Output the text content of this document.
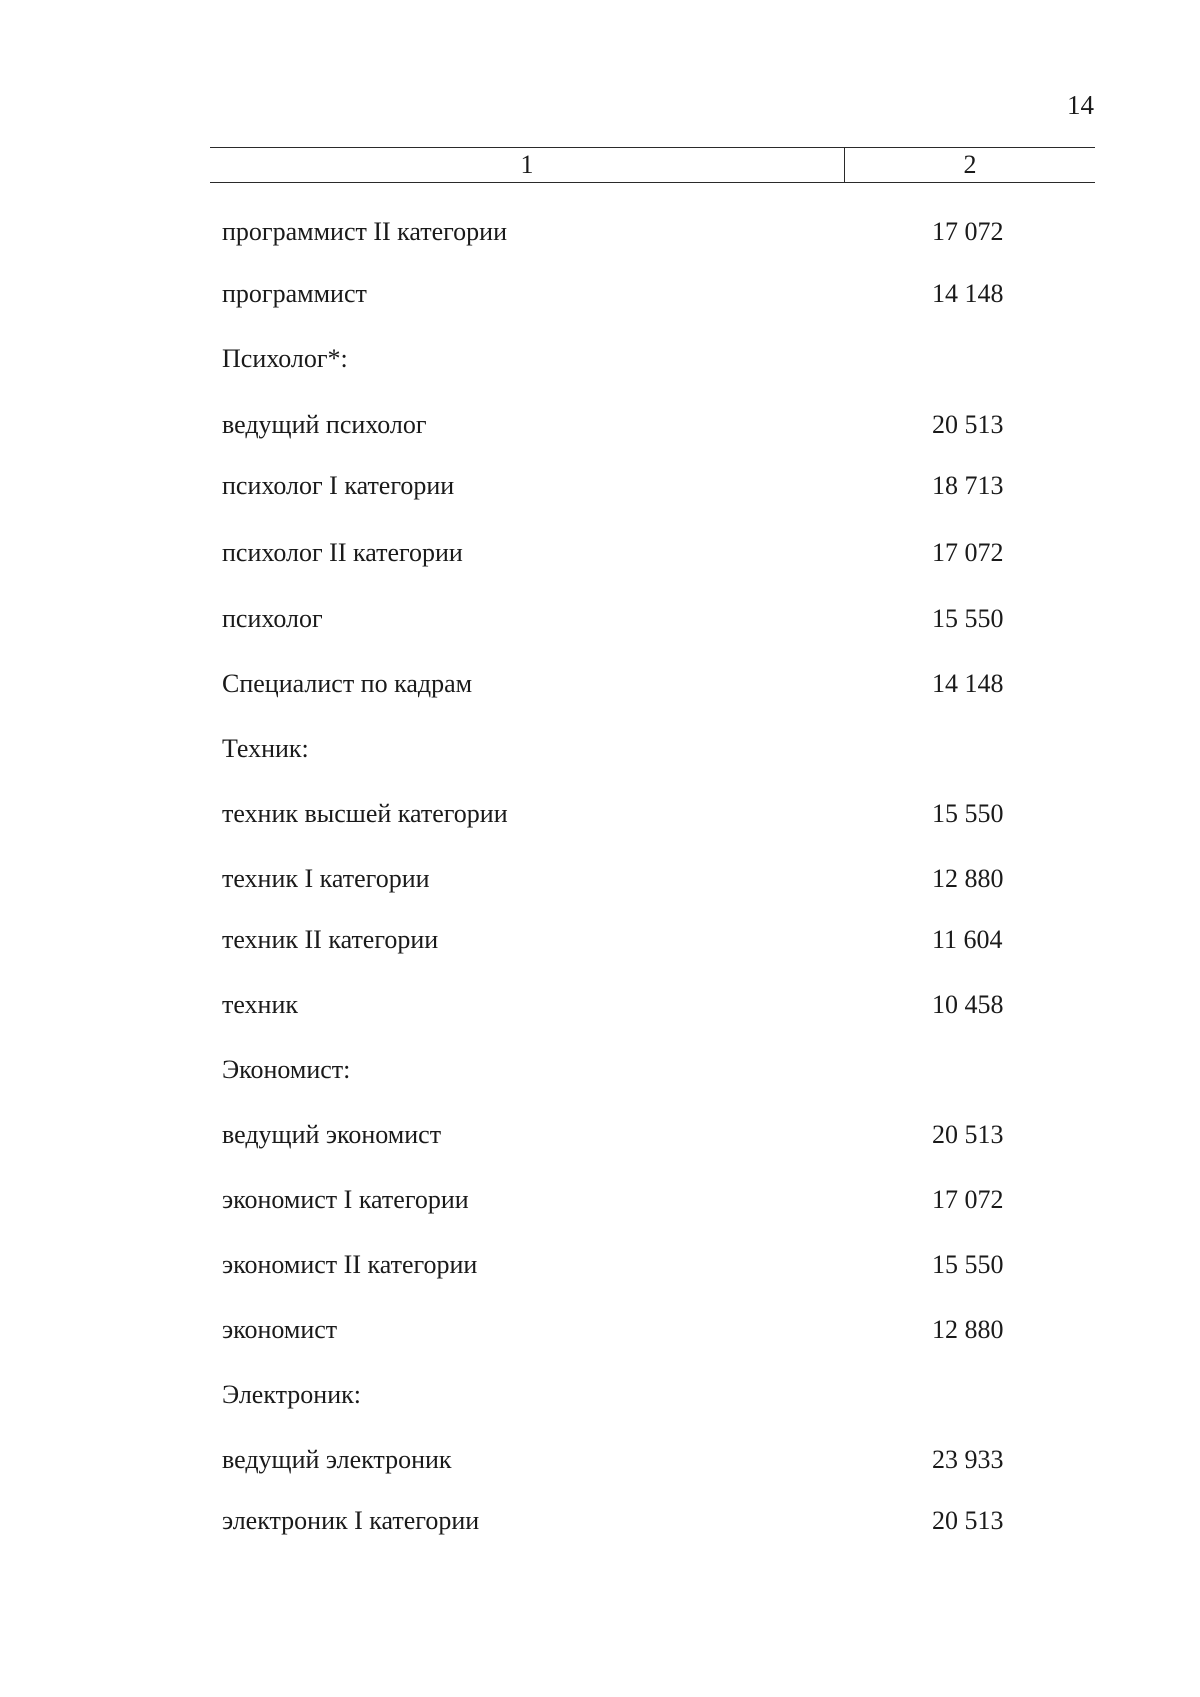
14
1	2
программист II категории	17 072
программист	14 148
Психолог*:
ведущий психолог	20 513
психолог I категории	18 713
психолог II категории	17 072
психолог	15 550
Специалист по кадрам	14 148
Техник:
техник высшей категории	15 550
техник I категории	12 880
техник II категории	11 604
техник	10 458
Экономист:
ведущий экономист	20 513
экономист I категории	17 072
экономист II категории	15 550
экономист	12 880
Электроник:
ведущий электроник	23 933
электроник I категории	20 513
